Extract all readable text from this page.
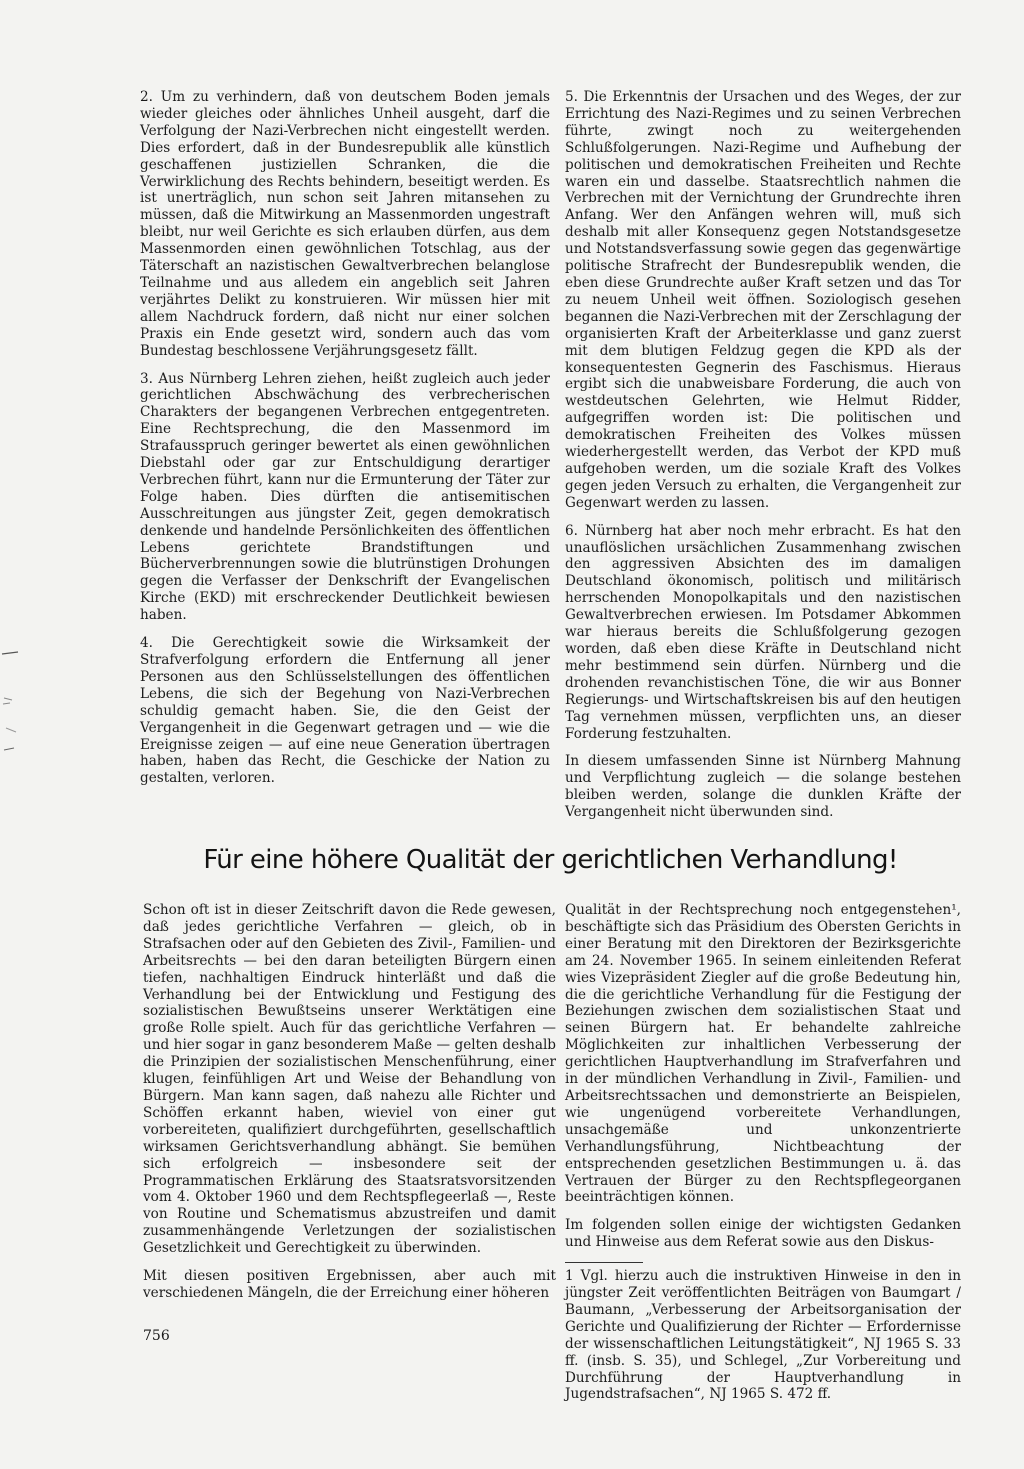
2. Um zu verhindern, daß von deutschem Boden jemals wieder gleiches oder ähnliches Unheil ausgeht, darf die Verfolgung der Nazi-Verbrechen nicht eingestellt werden. Dies erfordert, daß in der Bundesrepublik alle künstlich geschaffenen justiziellen Schranken, die die Verwirklichung des Rechts behindern, beseitigt werden. Es ist unerträglich, nun schon seit Jahren mitansehen zu müssen, daß die Mitwirkung an Massenmorden ungestraft bleibt, nur weil Gerichte es sich erlauben dürfen, aus dem Massenmorden einen gewöhnlichen Totschlag, aus der Täterschaft an nazistischen Gewaltverbrechen belanglose Teilnahme und aus alledem ein angeblich seit Jahren verjährtes Delikt zu konstruieren. Wir müssen hier mit allem Nachdruck fordern, daß nicht nur einer solchen Praxis ein Ende gesetzt wird, sondern auch das vom Bundestag beschlossene Verjährungsgesetz fällt.

3. Aus Nürnberg Lehren ziehen, heißt zugleich auch jeder gerichtlichen Abschwächung des verbrecherischen Charakters der begangenen Verbrechen entgegentreten. Eine Rechtsprechung, die den Massenmord im Strafausspruch geringer bewertet als einen gewöhnlichen Diebstahl oder gar zur Entschuldigung derartiger Verbrechen führt, kann nur die Ermunterung der Täter zur Folge haben. Dies dürften die antisemitischen Ausschreitungen aus jüngster Zeit, gegen demokratisch denkende und handelnde Persönlichkeiten des öffentlichen Lebens gerichtete Brandstiftungen und Bücherverbrennungen sowie die blutrünstigen Drohungen gegen die Verfasser der Denkschrift der Evangelischen Kirche (EKD) mit erschreckender Deutlichkeit bewiesen haben.

4. Die Gerechtigkeit sowie die Wirksamkeit der Strafverfolgung erfordern die Entfernung all jener Personen aus den Schlüsselstellungen des öffentlichen Lebens, die sich der Begehung von Nazi-Verbrechen schuldig gemacht haben. Sie, die den Geist der Vergangenheit in die Gegenwart getragen und — wie die Ereignisse zeigen — auf eine neue Generation übertragen haben, haben das Recht, die Geschicke der Nation zu gestalten, verloren.

5. Die Erkenntnis der Ursachen und des Weges, der zur Errichtung des Nazi-Regimes und zu seinen Verbrechen führte, zwingt noch zu weitergehenden Schlußfolgerungen. Nazi-Regime und Aufhebung der politischen und demokratischen Freiheiten und Rechte waren ein und dasselbe. Staatsrechtlich nahmen die Verbrechen mit der Vernichtung der Grundrechte ihren Anfang. Wer den Anfängen wehren will, muß sich deshalb mit aller Konsequenz gegen Notstandsgesetze und Notstandsverfassung sowie gegen das gegenwärtige politische Strafrecht der Bundesrepublik wenden, die eben diese Grundrechte außer Kraft setzen und das Tor zu neuem Unheil weit öffnen. Soziologisch gesehen begannen die Nazi-Verbrechen mit der Zerschlagung der organisierten Kraft der Arbeiterklasse und ganz zuerst mit dem blutigen Feldzug gegen die KPD als der konsequentesten Gegnerin des Faschismus. Hieraus ergibt sich die unabweisbare Forderung, die auch von westdeutschen Gelehrten, wie Helmut Ridder, aufgegriffen worden ist: Die politischen und demokratischen Freiheiten des Volkes müssen wiederhergestellt werden, das Verbot der KPD muß aufgehoben werden, um die soziale Kraft des Volkes gegen jeden Versuch zu erhalten, die Vergangenheit zur Gegenwart werden zu lassen.

6. Nürnberg hat aber noch mehr erbracht. Es hat den unauflöslichen ursächlichen Zusammenhang zwischen den aggressiven Absichten des im damaligen Deutschland ökonomisch, politisch und militärisch herrschenden Monopolkapitals und den nazistischen Gewaltverbrechen erwiesen. Im Potsdamer Abkommen war hieraus bereits die Schlußfolgerung gezogen worden, daß eben diese Kräfte in Deutschland nicht mehr bestimmend sein dürfen. Nürnberg und die drohenden revanchistischen Töne, die wir aus Bonner Regierungs- und Wirtschaftskreisen bis auf den heutigen Tag vernehmen müssen, verpflichten uns, an dieser Forderung festzuhalten.

In diesem umfassenden Sinne ist Nürnberg Mahnung und Verpflichtung zugleich — die solange bestehen bleiben werden, solange die dunklen Kräfte der Vergangenheit nicht überwunden sind.

Für eine höhere Qualität der gerichtlichen Verhandlung!

Schon oft ist in dieser Zeitschrift davon die Rede gewesen, daß jedes gerichtliche Verfahren — gleich, ob in Strafsachen oder auf den Gebieten des Zivil-, Familien- und Arbeitsrechts — bei den daran beteiligten Bürgern einen tiefen, nachhaltigen Eindruck hinterläßt und daß die Verhandlung bei der Entwicklung und Festigung des sozialistischen Bewußtseins unserer Werktätigen eine große Rolle spielt. Auch für das gerichtliche Verfahren — und hier sogar in ganz besonderem Maße — gelten deshalb die Prinzipien der sozialistischen Menschenführung, einer klugen, feinfühligen Art und Weise der Behandlung von Bürgern. Man kann sagen, daß nahezu alle Richter und Schöffen erkannt haben, wieviel von einer gut vorbereiteten, qualifiziert durchgeführten, gesellschaftlich wirksamen Gerichtsverhandlung abhängt. Sie bemühen sich erfolgreich — insbesondere seit der Programmatischen Erklärung des Staatsratsvorsitzenden vom 4. Oktober 1960 und dem Rechtspflegeerlaß —, Reste von Routine und Schematismus abzustreifen und damit zusammenhängende Verletzungen der sozialistischen Gesetzlichkeit und Gerechtigkeit zu überwinden.

Mit diesen positiven Ergebnissen, aber auch mit verschiedenen Mängeln, die der Erreichung einer höheren

Qualität in der Rechtsprechung noch entgegenstehen¹, beschäftigte sich das Präsidium des Obersten Gerichts in einer Beratung mit den Direktoren der Bezirksgerichte am 24. November 1965. In seinem einleitenden Referat wies Vizepräsident Ziegler auf die große Bedeutung hin, die die gerichtliche Verhandlung für die Festigung der Beziehungen zwischen dem sozialistischen Staat und seinen Bürgern hat. Er behandelte zahlreiche Möglichkeiten zur inhaltlichen Verbesserung der gerichtlichen Hauptverhandlung im Strafverfahren und in der mündlichen Verhandlung in Zivil-, Familien- und Arbeitsrechtssachen und demonstrierte an Beispielen, wie ungenügend vorbereitete Verhandlungen, unsachgemäße und unkonzentrierte Verhandlungsführung, Nichtbeachtung der entsprechenden gesetzlichen Bestimmungen u. ä. das Vertrauen der Bürger zu den Rechtspflegeorganen beeinträchtigen können.

Im folgenden sollen einige der wichtigsten Gedanken und Hinweise aus dem Referat sowie aus den Diskus-

1 Vgl. hierzu auch die instruktiven Hinweise in den in jüngster Zeit veröffentlichten Beiträgen von Baumgart / Baumann, „Verbesserung der Arbeitsorganisation der Gerichte und Qualifizierung der Richter — Erfordernisse der wissenschaftlichen Leitungstätigkeit“, NJ 1965 S. 33 ff. (insb. S. 35), und Schlegel, „Zur Vorbereitung und Durchführung der Hauptverhandlung in Jugendstrafsachen“, NJ 1965 S. 472 ff.

756
